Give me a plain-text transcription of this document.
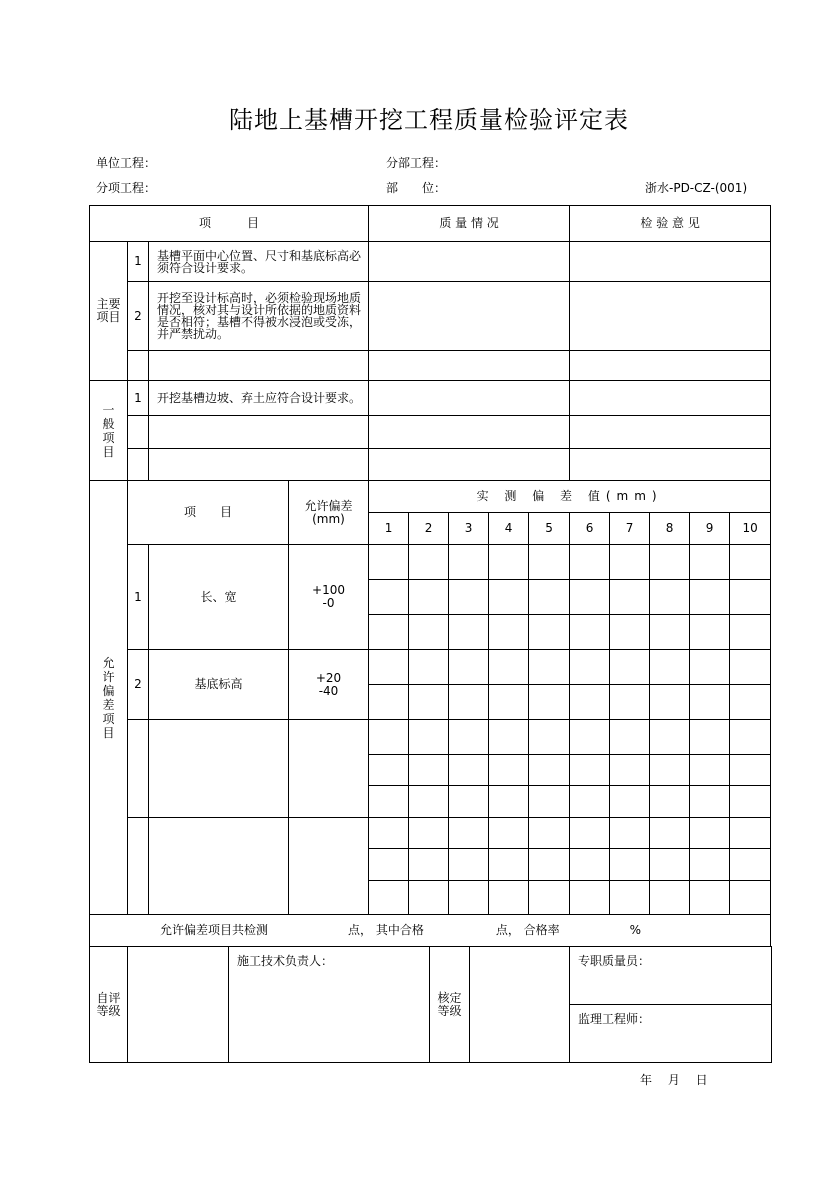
陆地上基槽开挖工程质量检验评定表
单位工程：	分部工程：
分项工程：	部　　位：	浙水-PD-CZ-(001)
项　　　目				质 量 情 况					检 验 意 见				
主要项目	1	基槽平面中心位置、尺寸和基底标高必须符合设计要求。											
	2	开挖至设计标高时，必须检验现场地质情况，核对其与设计所依据的地质资料是否相符；基槽不得被水浸泡或受冻，并严禁扰动。											

一般项目	1	开挖基槽边坡、弃土应符合设计要求。											

允许偏差项目	项　　目		允许偏差(mm)	实 测 偏 差 值(mm)									
				1	2	3	4	5	6	7	8	9	10
	1	长、宽	+100
-0										

	2	基底标高	+20
-40										

允许偏差项目共检测 点， 其中合格 点， 合格率 %													
自评等级		施工技术负责人：	核定等级		专职质量员：
监理工程师：
年　 月　 日
